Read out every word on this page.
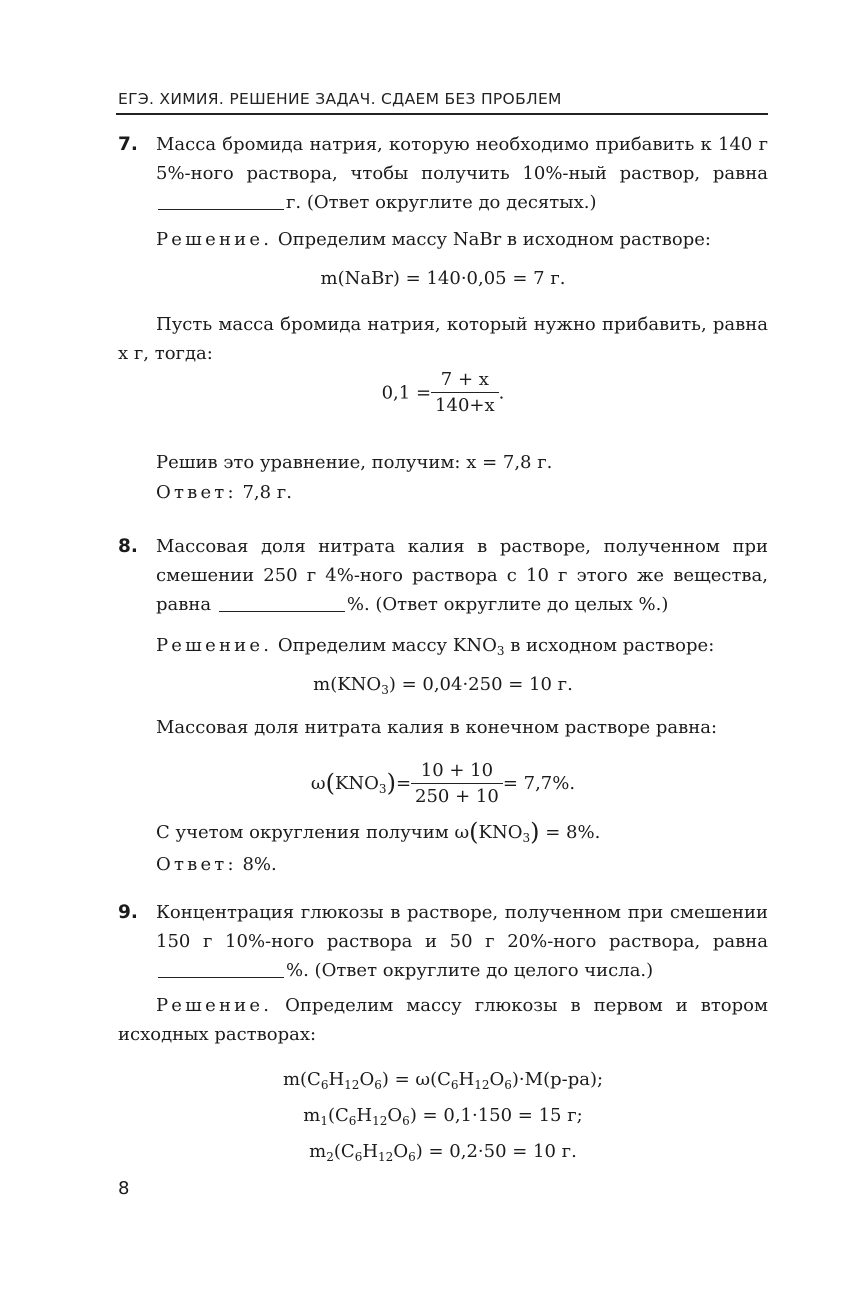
ЕГЭ. ХИМИЯ. РЕШЕНИЕ ЗАДАЧ. СДАЕМ БЕЗ ПРОБЛЕМ
7. Масса бромида натрия, которую необходимо прибавить к 140 г 5%-ного раствора, чтобы получить 10%-ный раствор, равна г. (Ответ округлите до десятых.)
Решение. Определим массу NaBr в исходном растворе:
m(NaBr) = 140·0,05 = 7 г.
Пусть масса бромида натрия, который нужно прибавить, равна x г, тогда:
$0,1 = \frac{7 + x}{140+x}$ .
Решив это уравнение, получим: x = 7,8 г.
Ответ: 7,8 г.
8. Массовая доля нитрата калия в растворе, полученном при смешении 250 г 4%-ного раствора с 10 г этого же вещества, равна	%. (Ответ округлите до целых %.)
Решение. Определим массу $KNO_3$ в исходном растворе:
$m(KNO_3) = 0,04\cdot 250 = 10$ г.
Массовая доля нитрата калия в конечном растворе равна:
$\omega(KNO_3)= \frac{10 + 10}{250 + 10} = 7,7\%$.
С учетом округления получим $\omega(KNO_3) = 8\%$.
Ответ: 8%.
9. Концентрация глюкозы в растворе, полученном при смешении 150 г 10%-ного раствора и 50 г 20%-ного раствора, равна %. (Ответ округлите до целого числа.)
Решение. Определим массу глюкозы в первом и втором исходных растворах:
$m(C_6H_{12}O_6) = \omega(C_6H_{12}O_6)\cdot M(р-ра)$;
$m_1(C_6H_{12}O_6) = 0,1\cdot 150 = 15$ г;
$m_2(C_6H_{12}O_6) = 0,2\cdot 50 = 10$ г.
8
